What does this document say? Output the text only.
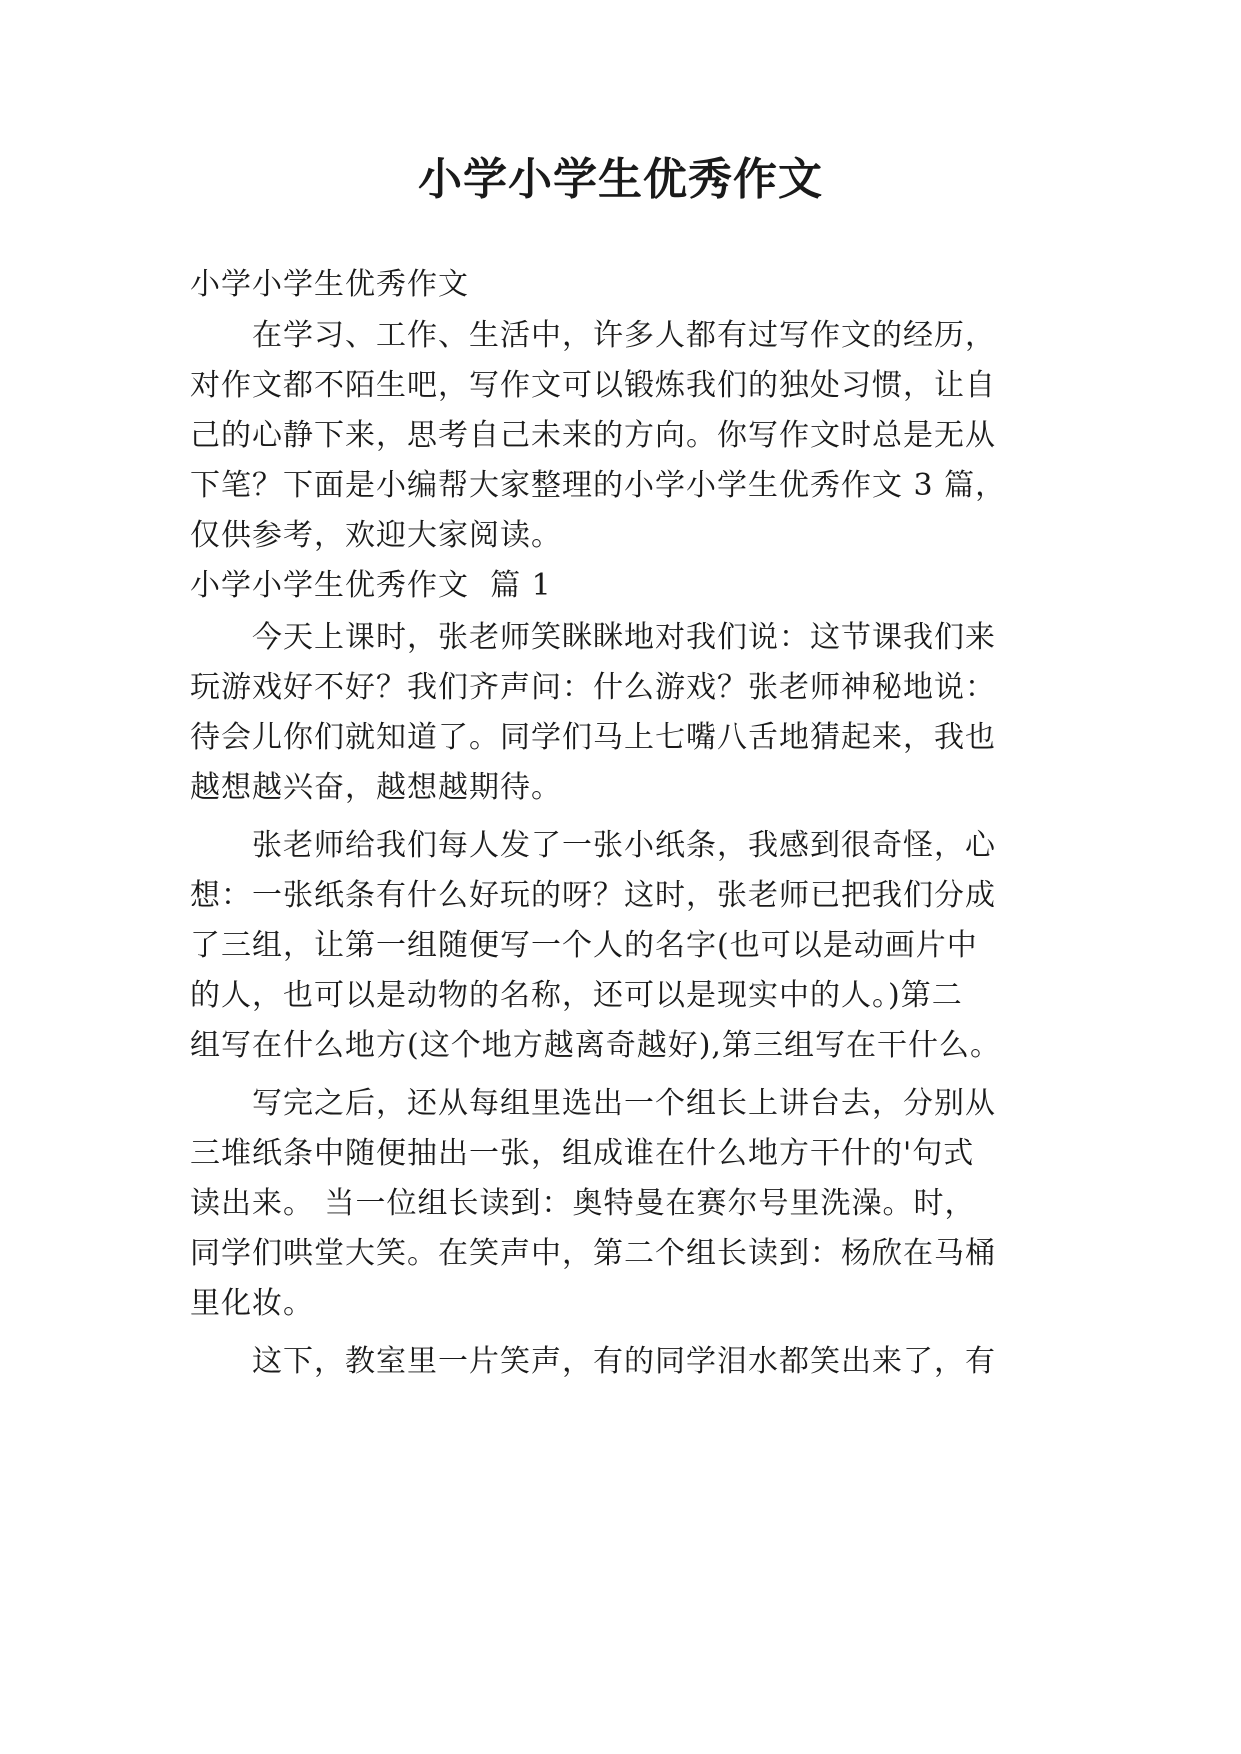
小学小学生优秀作文
小学小学生优秀作文
　　在学习、工作、生活中，许多人都有过写作文的经历，
对作文都不陌生吧，写作文可以锻炼我们的独处习惯，让自
己的心静下来，思考自己未来的方向。你写作文时总是无从
下笔？下面是小编帮大家整理的小学小学生优秀作文 3 篇，
仅供参考，欢迎大家阅读。
小学小学生优秀作文  篇 1
　　今天上课时，张老师笑眯眯地对我们说：这节课我们来
玩游戏好不好？我们齐声问：什么游戏？张老师神秘地说：
待会儿你们就知道了。同学们马上七嘴八舌地猜起来，我也
越想越兴奋，越想越期待。
　　张老师给我们每人发了一张小纸条，我感到很奇怪，心
想：一张纸条有什么好玩的呀？这时，张老师已把我们分成
了三组，让第一组随便写一个人的名字(也可以是动画片中
的人，也可以是动物的名称，还可以是现实中的人。)第二
组写在什么地方(这个地方越离奇越好),第三组写在干什么。
　　写完之后，还从每组里选出一个组长上讲台去，分别从
三堆纸条中随便抽出一张，组成谁在什么地方干什的'句式
读出来。 当一位组长读到：奥特曼在赛尔号里洗澡。时，
同学们哄堂大笑。在笑声中，第二个组长读到：杨欣在马桶
里化妆。
　　这下，教室里一片笑声，有的同学泪水都笑出来了，有
